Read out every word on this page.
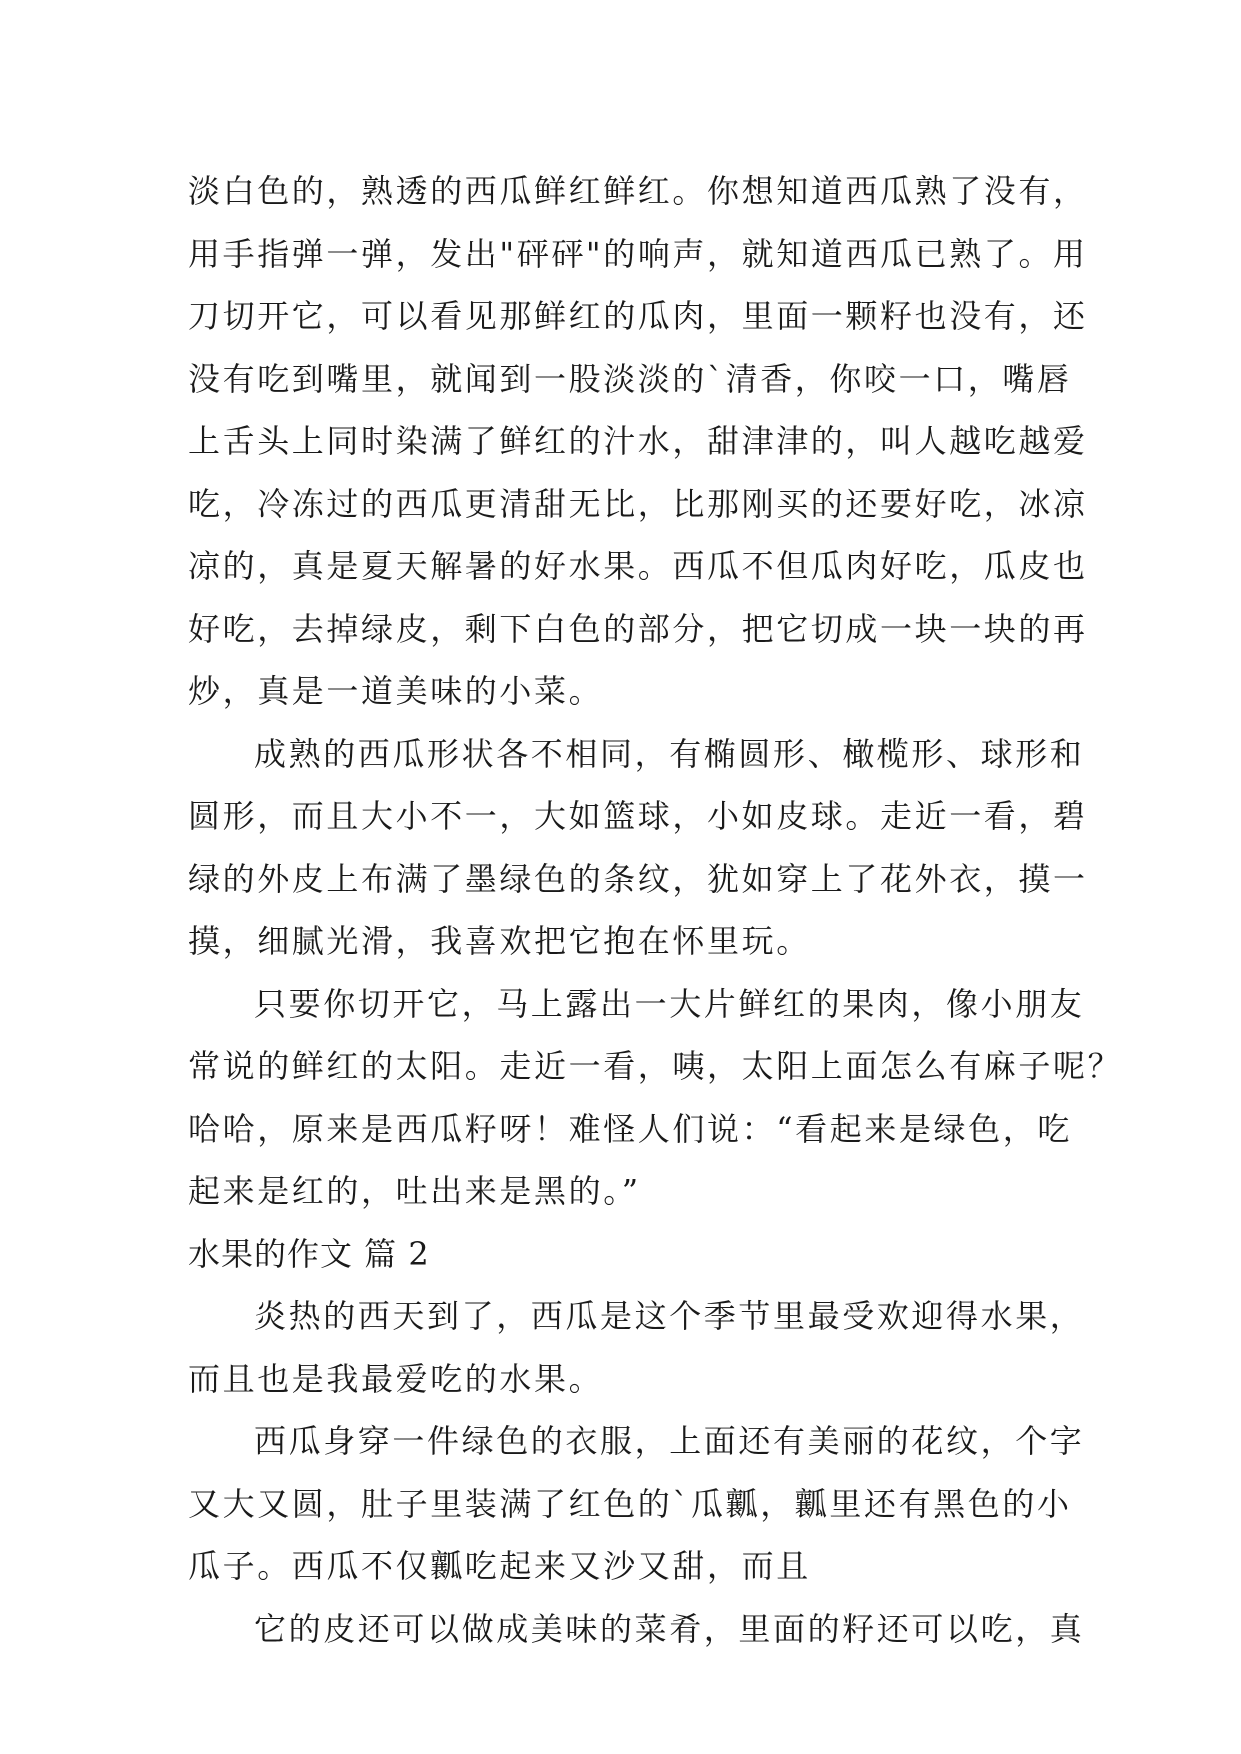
淡白色的，熟透的西瓜鲜红鲜红。你想知道西瓜熟了没有，
用手指弹一弹，发出"砰砰"的响声，就知道西瓜已熟了。用
刀切开它，可以看见那鲜红的瓜肉，里面一颗籽也没有，还
没有吃到嘴里，就闻到一股淡淡的`清香，你咬一口，嘴唇
上舌头上同时染满了鲜红的汁水，甜津津的，叫人越吃越爱
吃，冷冻过的西瓜更清甜无比，比那刚买的还要好吃，冰凉
凉的，真是夏天解暑的好水果。西瓜不但瓜肉好吃，瓜皮也
好吃，去掉绿皮，剩下白色的部分，把它切成一块一块的再
炒，真是一道美味的小菜。
成熟的西瓜形状各不相同，有椭圆形、橄榄形、球形和
圆形，而且大小不一，大如篮球，小如皮球。走近一看，碧
绿的外皮上布满了墨绿色的条纹，犹如穿上了花外衣，摸一
摸，细腻光滑，我喜欢把它抱在怀里玩。
只要你切开它，马上露出一大片鲜红的果肉，像小朋友
常说的鲜红的太阳。走近一看，咦，太阳上面怎么有麻子呢？
哈哈，原来是西瓜籽呀！难怪人们说：“看起来是绿色，吃
起来是红的，吐出来是黑的。”
水果的作文 篇 2
炎热的西天到了，西瓜是这个季节里最受欢迎得水果，
而且也是我最爱吃的水果。
西瓜身穿一件绿色的衣服，上面还有美丽的花纹，个字
又大又圆，肚子里装满了红色的`瓜瓤，瓤里还有黑色的小
瓜子。西瓜不仅瓤吃起来又沙又甜，而且
它的皮还可以做成美味的菜肴，里面的籽还可以吃，真
